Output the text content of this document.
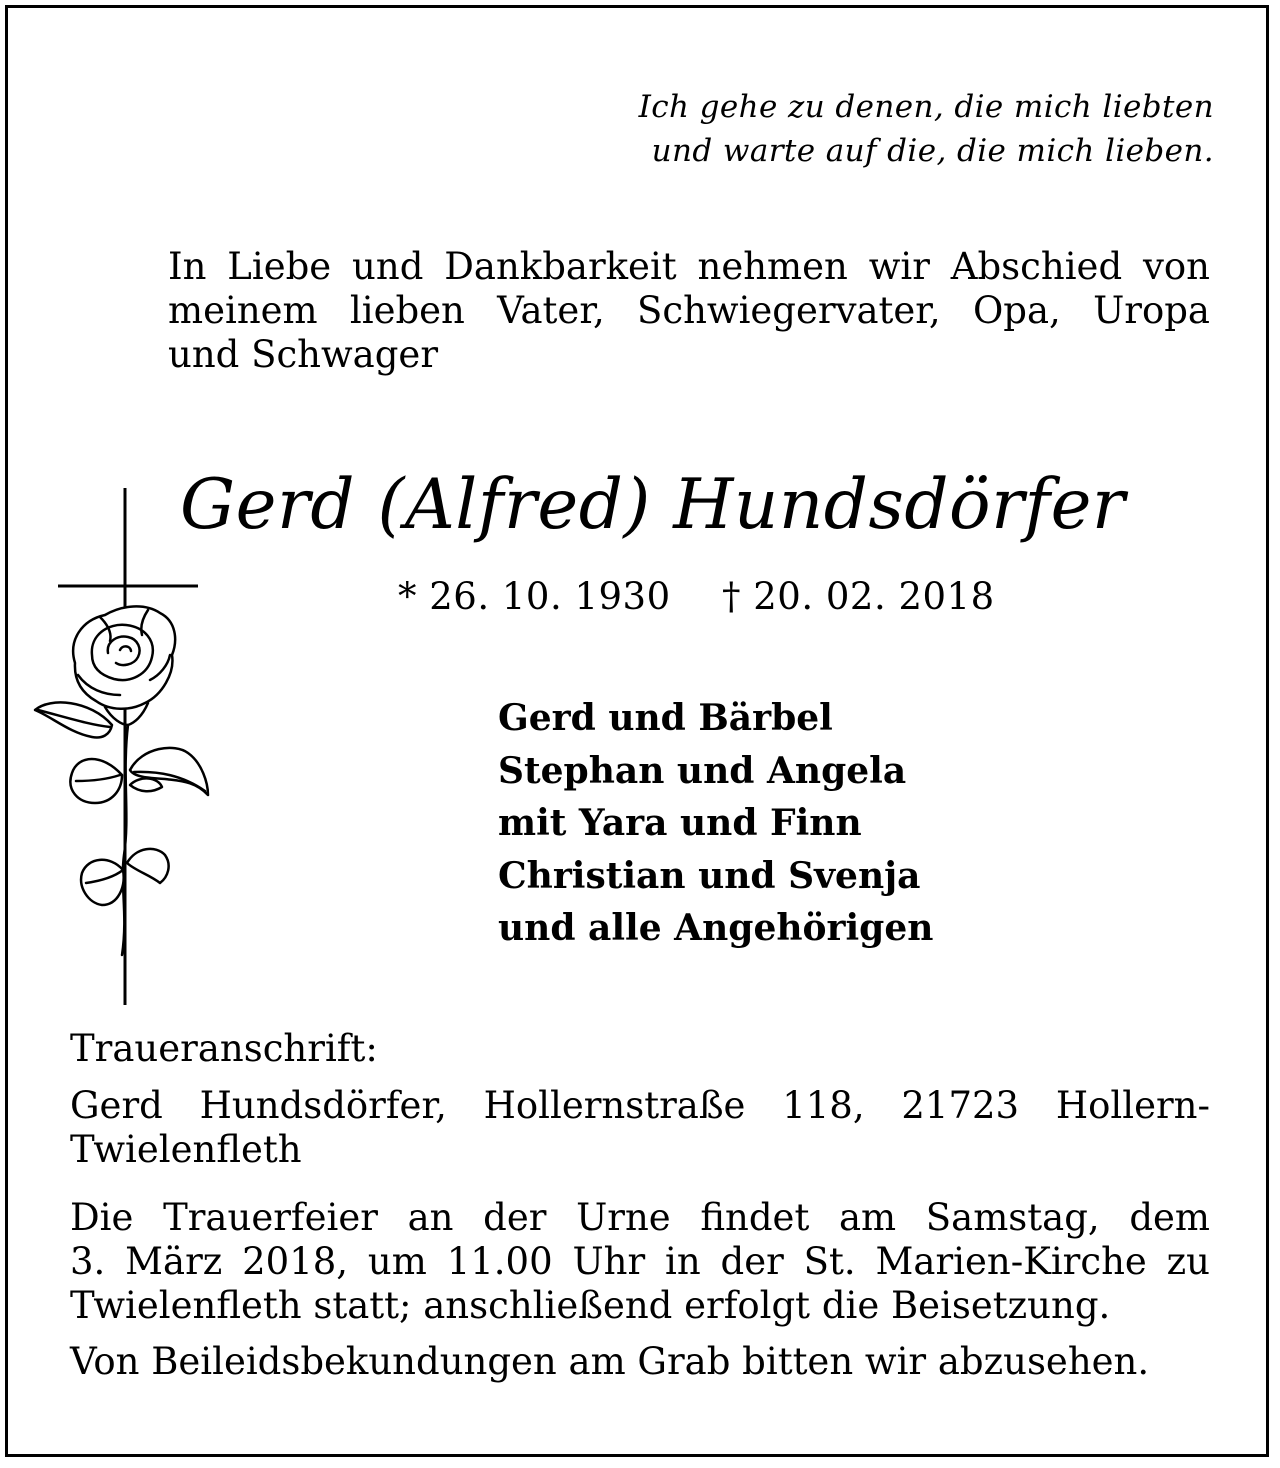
Ich gehe zu denen, die mich liebten
und warte auf die, die mich lieben.
In Liebe und Dankbarkeit nehmen wir Abschied von
meinem lieben Vater, Schwiegervater, Opa, Uropa
und Schwager
Gerd (Alfred) Hundsdörfer
* 26. 10. 1930 † 20. 02. 2018
Gerd und Bärbel
Stephan und Angela
mit Yara und Finn
Christian und Svenja
und alle Angehörigen
Traueranschrift:
Gerd Hundsdörfer, Hollernstraße 118, 21723 Hollern-
Twielenfleth
Die Trauerfeier an der Urne findet am Samstag, dem
3. März 2018, um 11.00 Uhr in der St. Marien-Kirche zu
Twielenfleth statt; anschließend erfolgt die Beisetzung.
Von Beileidsbekundungen am Grab bitten wir abzusehen.
